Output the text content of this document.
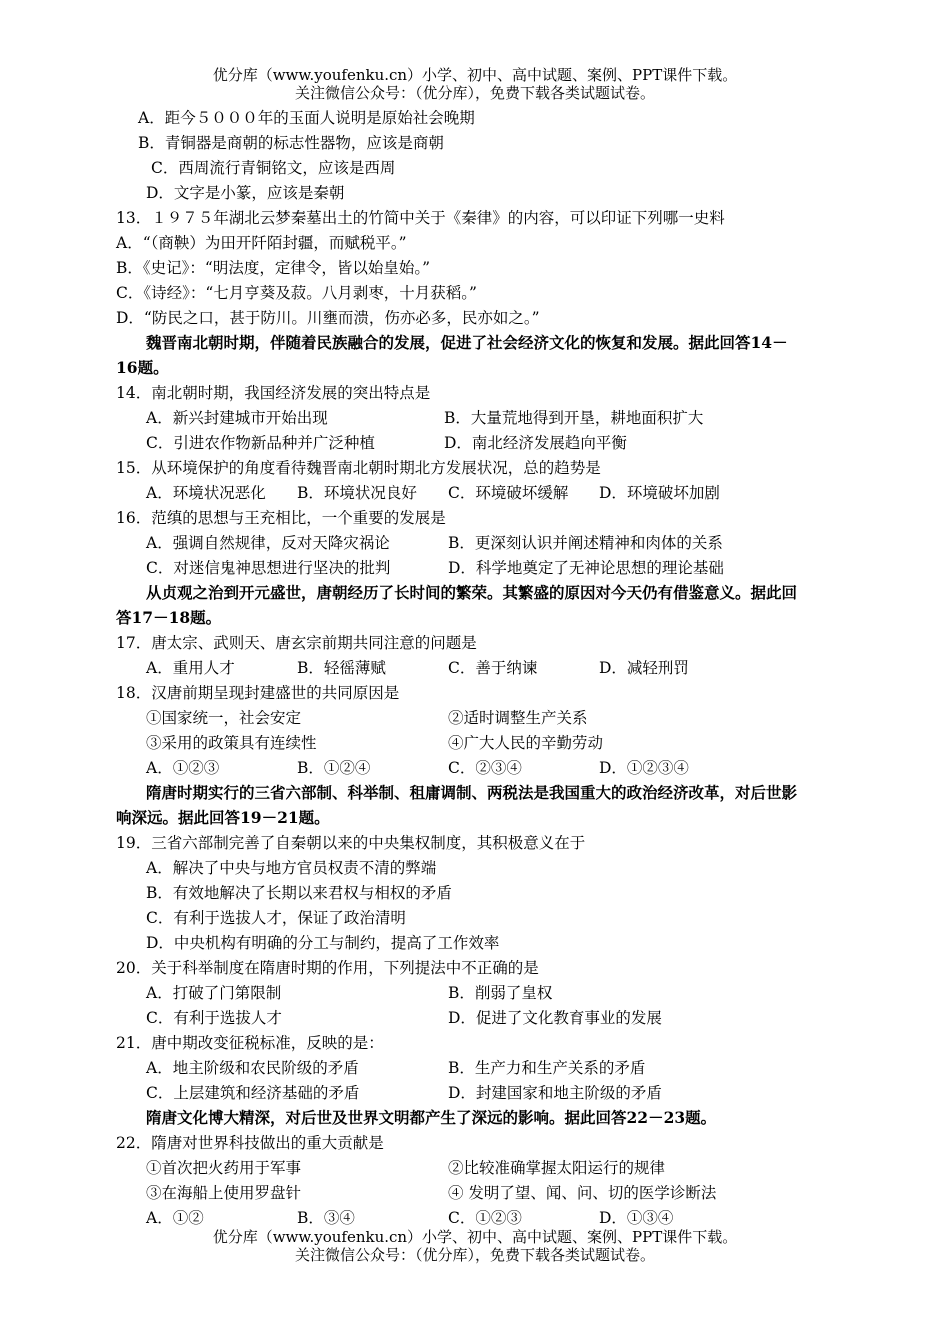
优分库（www.youfenku.cn）小学、初中、高中试题、案例、PPT课件下载。
关注微信公众号：（优分库），免费下载各类试题试卷。
A．距今５０００年的玉面人说明是原始社会晚期
B．青铜器是商朝的标志性器物，应该是商朝
C．西周流行青铜铭文，应该是西周
D．文字是小篆，应该是秦朝
13．１９７５年湖北云梦秦墓出土的竹简中关于《秦律》的内容，可以印证下列哪一史料
A．“（商鞅）为田开阡陌封疆，而赋税平。”
B．《史记》：“明法度，定律令，皆以始皇始。”
C．《诗经》：“七月亨葵及菽。八月剥枣，十月获稻。”
D．“防民之口，甚于防川。川壅而溃，伤亦必多，民亦如之。”
魏晋南北朝时期，伴随着民族融合的发展，促进了社会经济文化的恢复和发展。据此回答14－
16题。
14．南北朝时期，我国经济发展的突出特点是
A．新兴封建城市开始出现	B．大量荒地得到开垦，耕地面积扩大
C．引进农作物新品种并广泛种植	D．南北经济发展趋向平衡
15．从环境保护的角度看待魏晋南北朝时期北方发展状况，总的趋势是
A．环境状况恶化 B．环境状况良好 C．环境破坏缓解 D．环境破坏加剧
16．范缜的思想与王充相比，一个重要的发展是
A．强调自然规律，反对天降灾祸论	B．更深刻认识并阐述精神和肉体的关系
C．对迷信鬼神思想进行坚决的批判	D．科学地奠定了无神论思想的理论基础
从贞观之治到开元盛世，唐朝经历了长时间的繁荣。其繁盛的原因对今天仍有借鉴意义。据此回
答17－18题。
17．唐太宗、武则天、唐玄宗前期共同注意的问题是
A．重用人才	B．轻徭薄赋	C．善于纳谏	D．减轻刑罚
18．汉唐前期呈现封建盛世的共同原因是
①国家统一，社会安定	②适时调整生产关系
③采用的政策具有连续性	④广大人民的辛勤劳动
A．①②③	B．①②④	C．②③④	D．①②③④
隋唐时期实行的三省六部制、科举制、租庸调制、两税法是我国重大的政治经济改革，对后世影
响深远。据此回答19－21题。
19．三省六部制完善了自秦朝以来的中央集权制度，其积极意义在于
A．解决了中央与地方官员权责不清的弊端
B．有效地解决了长期以来君权与相权的矛盾
C．有利于选拔人才，保证了政治清明
D．中央机构有明确的分工与制约，提高了工作效率
20．关于科举制度在隋唐时期的作用，下列提法中不正确的是
A．打破了门第限制	B．削弱了皇权
C．有利于选拔人才	D．促进了文化教育事业的发展
21．唐中期改变征税标准，反映的是：
A．地主阶级和农民阶级的矛盾	B．生产力和生产关系的矛盾
C．上层建筑和经济基础的矛盾	D．封建国家和地主阶级的矛盾
隋唐文化博大精深，对后世及世界文明都产生了深远的影响。据此回答22－23题。
22．隋唐对世界科技做出的重大贡献是
①首次把火药用于军事	②比较准确掌握太阳运行的规律
③在海船上使用罗盘针	④ 发明了望、闻、问、切的医学诊断法
A．①②	B．③④	C．①②③	D．①③④
优分库（www.youfenku.cn）小学、初中、高中试题、案例、PPT课件下载。
关注微信公众号：（优分库），免费下载各类试题试卷。
